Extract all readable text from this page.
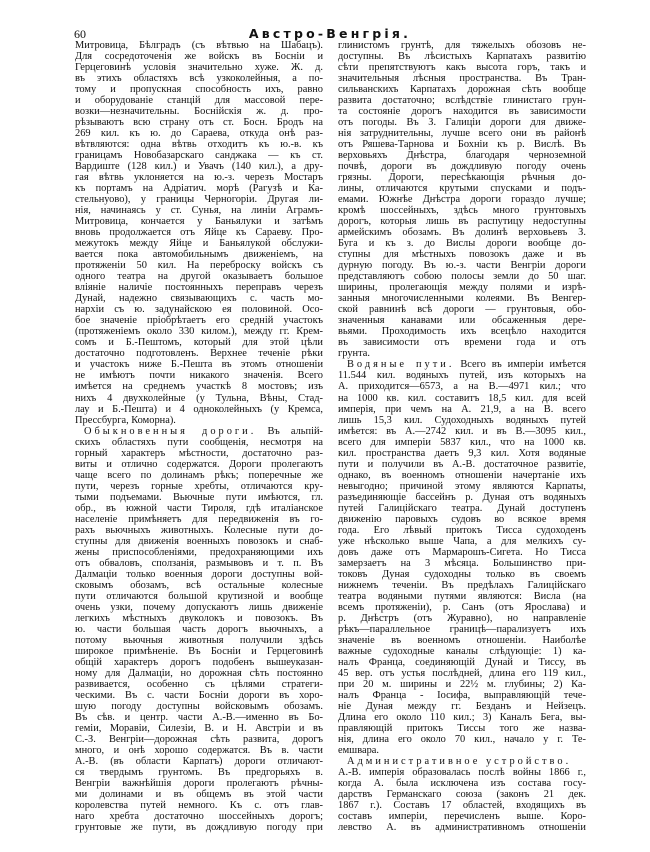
60	Австро-Венгрія.
Митровица, Бѣлградъ (съ вѣтвью на Шабацъ).
Для сосредоточенія же войскъ въ Босніи и
Герцеговинѣ условія значительно хуже. Ж. д.
въ этихъ областяхъ всѣ узкоколейныя, а по-
тому и пропускная способность ихъ, равно
и оборудованіе станцій для массовой пере-
возки—незначительны. Боснійскія ж. д. про-
рѣзываютъ всю страну отъ ст. Босн. Бродъ на
269 кил. къ ю. до Сараева, откуда онѣ раз-
вѣтвляются: одна вѣтвь отходитъ къ ю.-в. къ
границамъ Новобазарскаго санджака — къ ст.
Вардиште (128 кил.) и Увачъ (140 кил.), а дру-
гая вѣтвь уклоняется на ю.-з. черезъ Мостаръ
къ портамъ на Адріатич. морѣ (Рагузѣ и Ка-
стельнуово), у границы Черногоріи. Другая ли-
нія, начинаясь у ст. Сунья, на линіи Аграмъ-
Митровица, кончается у Баньялуки и затѣмъ
вновь продолжается отъ Яйце къ Сараеву. Про-
межутокъ между Яйце и Баньялукой обслужи-
вается пока автомобильнымъ движеніемъ, на
протяженіи 50 кил. На переброску войскъ съ
одного театра на другой оказываетъ большое
вліяніе наличіе постоянныхъ переправъ черезъ
Дунай, надежно связывающихъ с. часть мо-
нархіи съ ю. задунайскою ея половиной. Осо-
бое значеніе пріобрѣтаетъ его средній участокъ
(протяженіемъ около 330 килом.), между гг. Крем-
сомъ и Б.-Пештомъ, который для этой цѣли
достаточно подготовленъ. Верхнее теченіе рѣки
и участокъ ниже Б.-Пешта въ этомъ отношеніи
не имѣютъ почти никакого значенія. Всего
имѣется на среднемъ участкѣ 8 мостовъ; изъ
нихъ 4 двухколейные (у Тульна, Вѣны, Стад-
лау и Б.-Пешта) и 4 одноколейныхъ (у Кремса,
Прессбурга, Коморна).
Обыкновенныя дороги. Въ альпій-
скихъ областяхъ пути сообщенія, несмотря на
горный характеръ мѣстности, достаточно раз-
виты и отлично содержатся. Дороги пролегаютъ
чаще всего по долинамъ рѣкъ; поперечные же
пути, черезъ горные хребты, отличаются кру-
тыми подъемами. Вьючные пути имѣются, гл.
обр., въ южной части Тироля, гдѣ италіанское
населеніе примѣняетъ для передвиженія въ го-
рахъ вьючныхъ животныхъ. Колесные пути до-
ступны для движенія военныхъ повозокъ и снаб-
жены приспособленіями, предохраняющими ихъ
отъ обваловъ, сползанія, размывовъ и т. п. Въ
Далмаціи только военныя дороги доступны вой-
сковымъ обозамъ, всѣ остальные колесные
пути отличаются большой крутизной и вообще
очень узки, почему допускаютъ лишь движеніе
легкихъ мѣстныхъ двуколокъ и повозокъ. Въ
ю. части большая часть дорогъ вьючныхъ, а
потому вьючныя животныя получили здѣсь
широкое примѣненіе. Въ Босніи и Герцеговинѣ
общій характеръ дорогъ подобенъ вышеуказан-
ному для Далмаціи, но дорожная сѣть постоянно
развивается, особенно съ цѣлями стратеги-
ческими. Въ с. части Босніи дороги въ хоро-
шую погоду доступны войсковымъ обозамъ.
Въ сѣв. и центр. части А.-В.—именно въ Бо-
геміи, Моравіи, Силезіи, В. и Н. Австріи и въ
С.-З. Венгріи—дорожная сѣть развита, дорогъ
много, и онѣ хорошо содержатся. Въ в. части
А.-В. (въ области Карпатъ) дороги отличают-
ся твердымъ грунтомъ. Въ предгорьяхъ в.
Венгріи важнѣйшія дороги пролегаютъ рѣчны-
ми долинами и въ общемъ въ этой части
королевства путей немного. Къ с. отъ глав-
наго хребта достаточно шоссейныхъ дорогъ;
грунтовые же пути, въ дождливую погоду при
глинистомъ грунтѣ, для тяжелыхъ обозовъ не-
доступны. Въ лѣсистыхъ Карпатахъ развитію
сѣти препятствуютъ какъ высота горъ, такъ и
значительныя лѣсныя пространства. Въ Тран-
сильванскихъ Карпатахъ дорожная сѣть вообще
развита достаточно; вслѣдствіе глинистаго грун-
та состояніе дорогъ находится въ зависимости
отъ погоды. Въ З. Галиціи дороги для движе-
нія затруднительны, лучше всего они въ районѣ
отъ Ряшева-Тарнова и Бохніи къ р. Вислѣ. Въ
верховьяхъ Днѣстра, благодаря черноземной
почвѣ, дороги въ дождливую погоду очень
грязны. Дороги, пересѣкающія рѣчныя до-
лины, отличаются крутыми спусками и подъ-
емами. Южнѣе Днѣстра дороги гораздо лучше;
кромѣ шоссейныхъ, здѣсь много грунтовыхъ
дорогъ, которыя лишь въ распутицу недоступны
армейскимъ обозамъ. Въ долинѣ верховьевъ З.
Буга и къ з. до Вислы дороги вообще до-
ступны для мѣстныхъ повозокъ даже и въ
дурную погоду. Въ ю.-з. части Венгріи дороги
представляютъ собою полосы земли до 50 шаг.
ширины, пролегающія между полями и изрѣ-
занныя многочисленными колеями. Въ Венгер-
ской равнинѣ всѣ дороги — грунтовыя, обо-
значенныя канавами или обсаженныя дере-
вьями. Проходимость ихъ всецѣло находится
въ зависимости отъ времени года и отъ
грунта.
Водяные пути. Всего въ имперіи имѣется
11.544 кил. водяныхъ путей, изъ которыхъ на
А. приходится—6573, а на В.—4971 кил.; что
на 1000 кв. кил. составитъ 18,5 кил. для всей
имперія, при чемъ на А. 21,9, а на В. всего
лишь 15,3 кил. Судоходныхъ водяныхъ путей
имѣется: въ А.—2742 кил. и въ В.—3095 кил.,
всего для имперіи 5837 кил., что на 1000 кв.
кил. пространства даетъ 9,3 кил. Хотя водяные
пути и получили въ А.-В. достаточное развитіе,
однако, въ военномъ отношеніи начертаніе ихъ
невыгодно; причиной этому являются Карпаты,
разъединяющіе бассейнъ р. Дуная отъ водяныхъ
путей Галиційскаго театра. Дунай доступенъ
движенію паровыхъ судовъ во всякое время
года. Его лѣвый притокъ Тисса судоходенъ
уже нѣсколько выше Чапа, а для мелкихъ су-
довъ даже отъ Мармарошъ-Сигета. Но Тисса
замерзаетъ на 3 мѣсяца. Большинство при-
токовъ Дуная судоходны только въ своемъ
нижнемъ теченіи. Въ предѣлахъ Галиційскаго
театра водяными путями являются: Висла (на
всемъ протяженіи), р. Санъ (отъ Ярослава) и
р. Днѣстръ (отъ Журавно), но направленіе
рѣкъ—параллельное границѣ—парализуетъ ихъ
значеніе въ военномъ отношеніи. Наиболѣе
важные судоходные каналы слѣдующіе: 1) ка-
налъ Франца, соединяющій Дунай и Тиссу, въ
45 вер. отъ устья послѣдней, длина его 119 кил.,
при 20 м. ширины и 22½ м. глубины; 2) Ка-
налъ Франца - Іосифа, выправляющій тече-
ніе Дуная между гг. Безданъ и Нейзецъ.
Длина его около 110 кил.; 3) Каналъ Бега, вы-
правляющій притокъ Тиссы того же назва-
нія, длина его около 70 кил., начало у г. Те-
емшвара.
Административное устройство.
А.-В. имперія образовалась послѣ войны 1866 г.,
когда А. была исключена изъ состава госу-
дарствъ Германскаго союза (законъ 21 дек.
1867 г.). Составъ 17 областей, входящихъ въ
составъ имперіи, перечисленъ выше. Коро-
левство А. въ административномъ отношеніи
